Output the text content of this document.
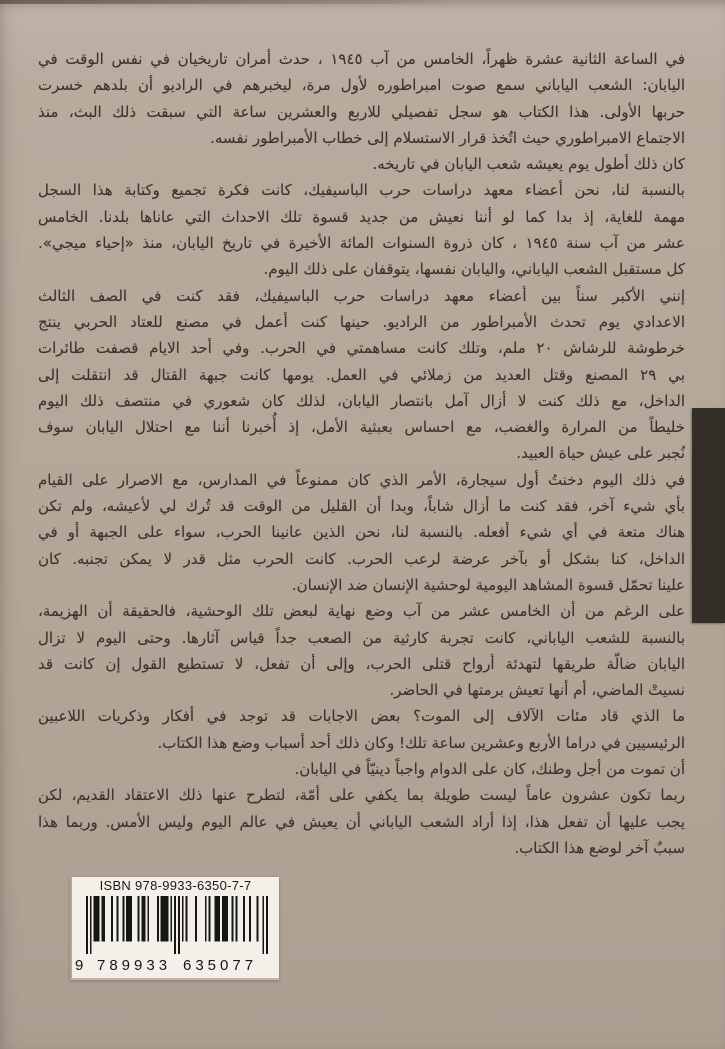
في الساعة الثانية عشرة ظهراً، الخامس من آب ١٩٤٥ ، حدث أمران تاريخيان في نفس الوقت في
اليابان: الشعب الياباني سمع صوت امبراطوره لأول مرة، ليخبرهم في الراديو أن بلدهم خسرت
حربها الأولى. هذا الكتاب هو سجل تفصيلي للاربع والعشرين ساعة التي سبقت ذلك البث، منذ
الاجتماع الامبراطوري حيث اتُخذ قرار الاستسلام إلى خطاب الأمبراطور نفسه.
كان ذلك أطول يوم يعيشه شعب اليابان في تاريخه.
بالنسبة لنا، نحن أعضاء معهد دراسات حرب الباسيفيك، كانت فكرة تجميع وكتابة هذا السجل
مهمة للغاية، إذ بدا كما لو أننا نعيش من جديد قسوة تلك الاحداث التي عاناها بلدنا. الخامس
عشر من آب سنة ١٩٤٥ ، كان ذروة السنوات المائة الأخيرة في تاريخ اليابان، منذ «إحياء ميجي».
كل مستقبل الشعب الياباني، واليابان نفسها، يتوقفان على ذلك اليوم.
إنني الأكبر سناً بين أعضاء معهد دراسات حرب الباسيفيك، فقد كنت في الصف الثالث
الاعدادي يوم تحدث الأمبراطور من الراديو. حينها كنت أعمل في مصنع للعتاد الحربي ينتج
خرطوشة للرشاش ٢٠ ملم، وتلك كانت مساهمتي في الحرب. وفي أحد الايام قصفت طائرات
بي ٢٩ المصنع وقتل العديد من زملائي في العمل. يومها كانت جبهة القتال قد انتقلت إلى
الداخل، مع ذلك كنت لا أزال آمل بانتصار اليابان، لذلك كان شعوري في منتصف ذلك اليوم
خليطاً من المرارة والغضب، مع احساس بعبثية الأمل، إذ أُخبرنا أننا مع احتلال اليابان سوف
نُجبر على عيش حياة العبيد.
في ذلك اليوم دخنتُ أول سيجارة، الأمر الذي كان ممنوعاً في المدارس، مع الاصرار على القيام
بأي شيء آخر، فقد كنت ما أزال شاباً، وبدا أن القليل من الوقت قد تُرك لي لأعيشه، ولم تكن
هناك متعة في أي شيء أفعله. بالنسبة لنا، نحن الذين عانينا الحرب، سواء على الجبهة أو في
الداخل، كنا بشكل أو بآخر عرضة لرعب الحرب. كانت الحرب مثل قدر لا يمكن تجنبه. كان
علينا تحمّل قسوة المشاهد اليومية لوحشية الإنسان ضد الإنسان.
على الرغم من أن الخامس عشر من آب وضع نهاية لبعض تلك الوحشية، فالحقيقة أن الهزيمة،
بالنسبة للشعب الياباني، كانت تجربة كارثية من الصعب جداً قياس آثارها. وحتى اليوم لا تزال
اليابان ضالّة طريقها لتهدئة أرواح قتلى الحرب، وإلى أن تفعل، لا تستطيع القول إن كانت قد
نسيتْ الماضي، أم أنها تعيش برمتها في الحاضر.
ما الذي قاد مئات الآلاف إلى الموت؟ بعض الاجابات قد توجد في أفكار وذكريات اللاعبين
الرئيسيين في دراما الأربع وعشرين ساعة تلك! وكان ذلك أحد أسباب وضع هذا الكتاب.
أن تموت من أجل وطنك، كان على الدوام واجباً دينيّاً في اليابان.
ربما تكون عشرون عاماً ليست طويلة بما يكفي على أمّة، لتطرح عنها ذلك الاعتقاد القديم، لكن
يجب عليها أن تفعل هذا، إذا أراد الشعب الياباني أن يعيش في عالم اليوم وليس الأمس. وربما هذا
سببٌ آخر لوضع هذا الكتاب.
ISBN 978-9933-6350-7-7
9 789933 635077
